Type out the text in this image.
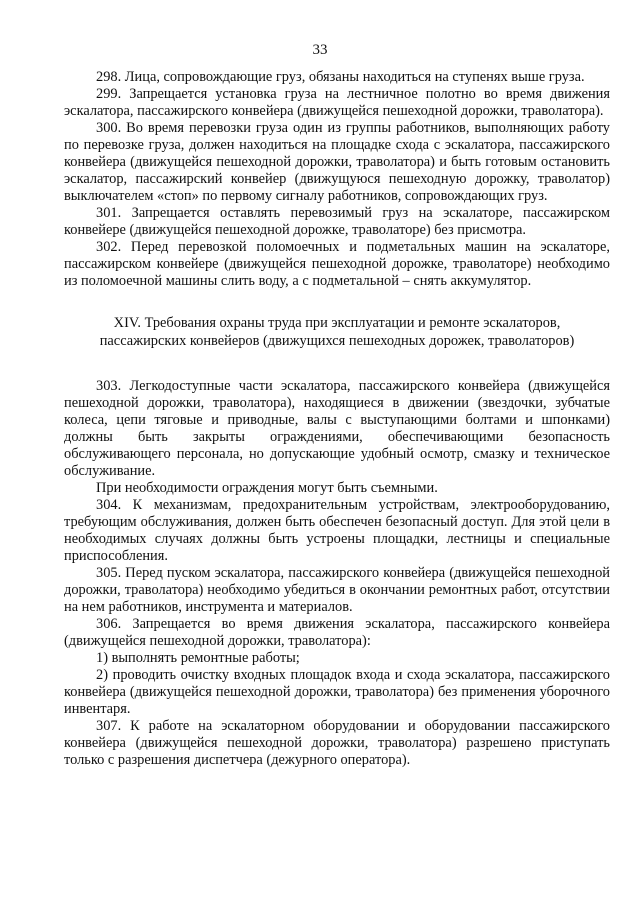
33

298. Лица, сопровождающие груз, обязаны находиться на ступенях выше груза.

299. Запрещается установка груза на лестничное полотно во время движения эскалатора, пассажирского конвейера (движущейся пешеходной дорожки, траволатора).

300. Во время перевозки груза один из группы работников, выполняющих работу по перевозке груза, должен находиться на площадке схода с эскалатора, пассажирского конвейера (движущейся пешеходной дорожки, траволатора) и быть готовым остановить эскалатор, пассажирский конвейер (движущуюся пешеходную дорожку, траволатор) выключателем «стоп» по первому сигналу работников, сопровождающих груз.

301. Запрещается оставлять перевозимый груз на эскалаторе, пассажирском конвейере (движущейся пешеходной дорожке, траволаторе) без присмотра.

302. Перед перевозкой поломоечных и подметальных машин на эскалаторе, пассажирском конвейере (движущейся пешеходной дорожке, траволаторе) необходимо из поломоечной машины слить воду, а с подметальной – снять аккумулятор.

XIV. Требования охраны труда при эксплуатации и ремонте эскалаторов,
пассажирских конвейеров (движущихся пешеходных дорожек, траволаторов)

303. Легкодоступные части эскалатора, пассажирского конвейера (движущейся пешеходной дорожки, траволатора), находящиеся в движении (звездочки, зубчатые колеса, цепи тяговые и приводные, валы с выступающими болтами и шпонками) должны быть закрыты ограждениями, обеспечивающими безопасность обслуживающего персонала, но допускающие удобный осмотр, смазку и техническое обслуживание.

При необходимости ограждения могут быть съемными.

304. К механизмам, предохранительным устройствам, электрооборудованию, требующим обслуживания, должен быть обеспечен безопасный доступ. Для этой цели в необходимых случаях должны быть устроены площадки, лестницы и специальные приспособления.

305. Перед пуском эскалатора, пассажирского конвейера (движущейся пешеходной дорожки, траволатора) необходимо убедиться в окончании ремонтных работ, отсутствии на нем работников, инструмента и материалов.

306. Запрещается во время движения эскалатора, пассажирского конвейера (движущейся пешеходной дорожки, траволатора):

1) выполнять ремонтные работы;

2) проводить очистку входных площадок входа и схода эскалатора, пассажирского конвейера (движущейся пешеходной дорожки, траволатора) без применения уборочного инвентаря.

307. К работе на эскалаторном оборудовании и оборудовании пассажирского конвейера (движущейся пешеходной дорожки, траволатора) разрешено приступать только с разрешения диспетчера (дежурного оператора).
